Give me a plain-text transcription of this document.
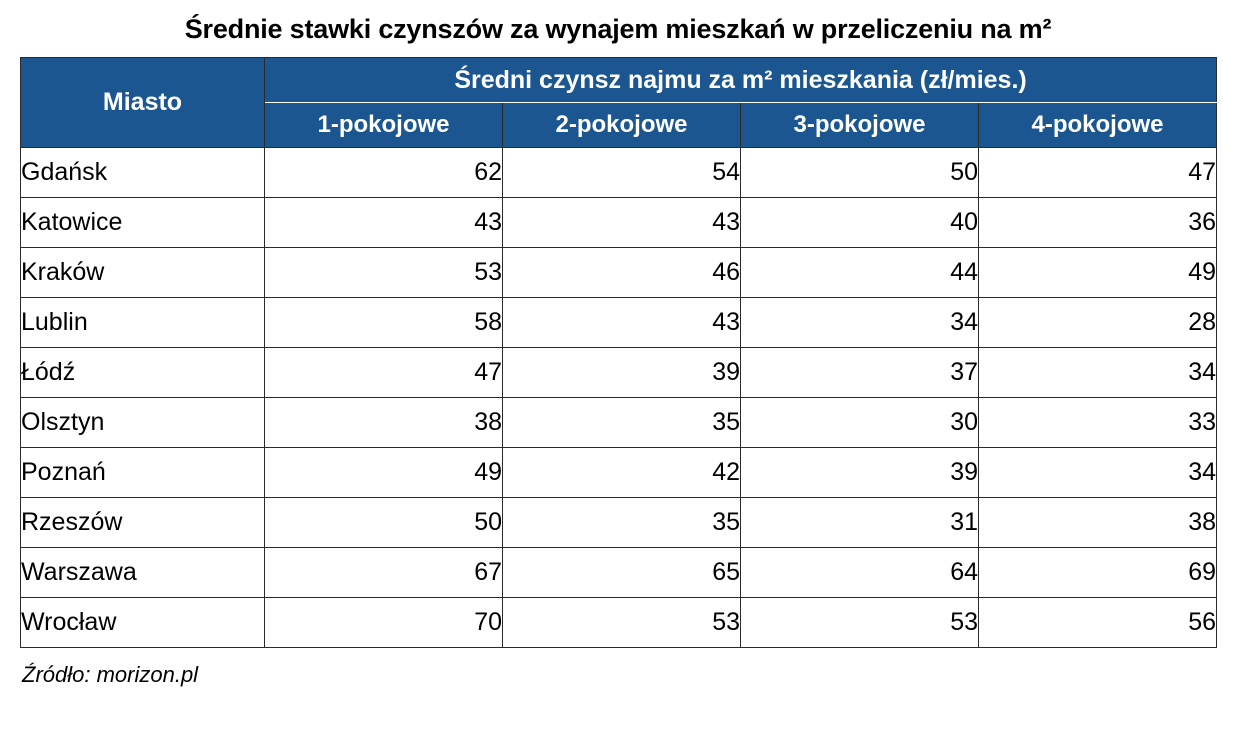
Średnie stawki czynszów za wynajem mieszkań w przeliczeniu na m²
Miasto	Średni czynsz najmu za m² mieszkania (zł/mies.)			
	1-pokojowe	2-pokojowe	3-pokojowe	4-pokojowe
Gdańsk	62	54	50	47
Katowice	43	43	40	36
Kraków	53	46	44	49
Lublin	58	43	34	28
Łódź	47	39	37	34
Olsztyn	38	35	30	33
Poznań	49	42	39	34
Rzeszów	50	35	31	38
Warszawa	67	65	64	69
Wrocław	70	53	53	56
Źródło: morizon.pl
